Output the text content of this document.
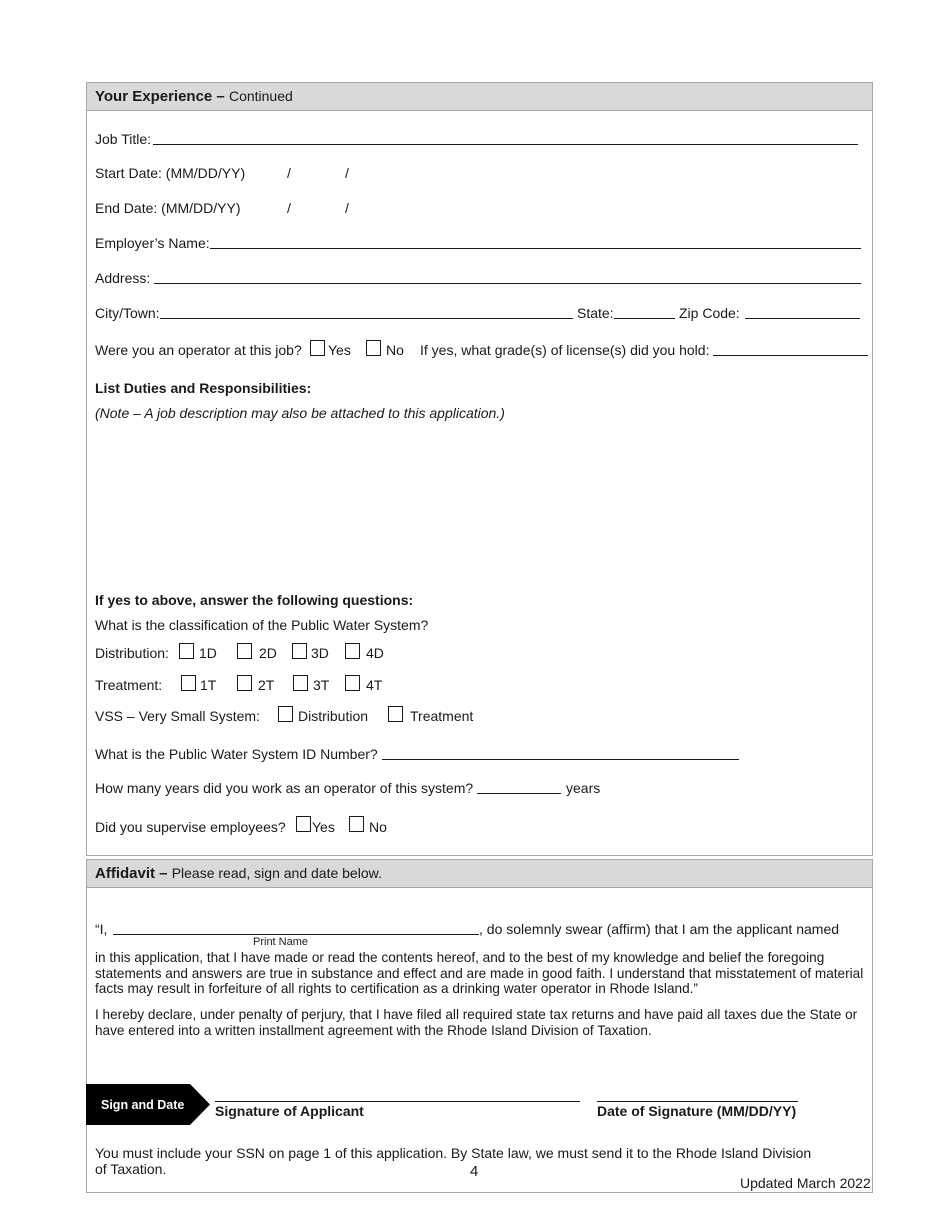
Your Experience – Continued
Job Title:
Start Date: (MM/DD/YY)	/	/
End Date: (MM/DD/YY)	/	/
Employer’s Name:
Address:
City/Town:	State:	Zip Code:
Were you an operator at this job? Yes	No If yes, what grade(s) of license(s) did you hold:
List Duties and Responsibilities:
(Note – A job description may also be attached to this application.)
If yes to above, answer the following questions:
What is the classification of the Public Water System?
Distribution: 1D	2D 3D	4D
Treatment:	1T	2T	3T	4T
VSS – Very Small System:	Distribution	Treatment
What is the Public Water System ID Number?
How many years did you work as an operator of this system?	years
Did you supervise employees? Yes No
Affidavit – Please read, sign and date below.
“I,	, do solemnly swear (affirm) that I am the applicant named
Print Name
in this application, that I have made or read the contents hereof, and to the best of my knowledge and belief the foregoing statements and answers are true in substance and effect and are made in good faith. I understand that misstatement of material facts may result in forfeiture of all rights to certification as a drinking water operator in Rhode Island.”
I hereby declare, under penalty of perjury, that I have filed all required state tax returns and have paid all taxes due the State or have entered into a written installment agreement with the Rhode Island Division of Taxation.
Sign and Date Signature of Applicant	Date of Signature (MM/DD/YY)
You must include your SSN on page 1 of this application. By State law, we must send it to the Rhode Island Division of Taxation.	4
Updated March 2022
